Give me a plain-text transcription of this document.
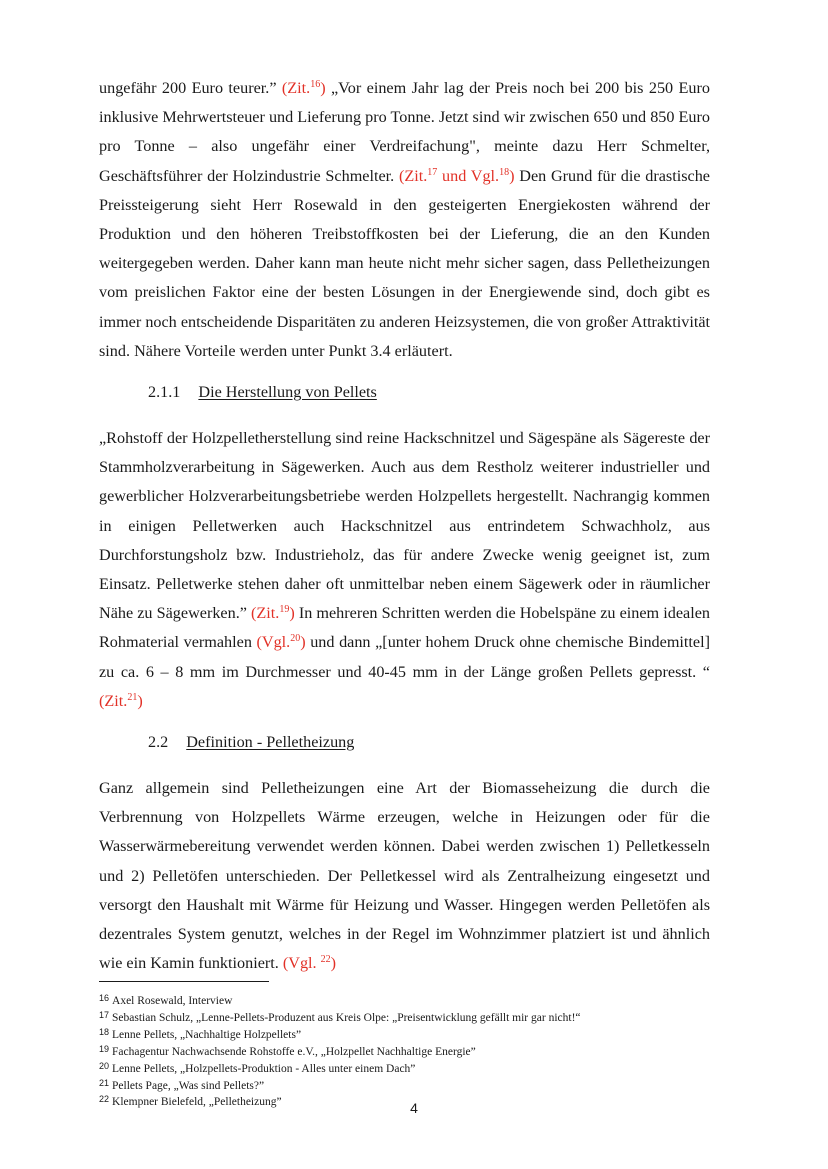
ungefähr 200 Euro teurer.” (Zit.$^{16}$) „Vor einem Jahr lag der Preis noch bei 200 bis 250 Euro inklusive Mehrwertsteuer und Lieferung pro Tonne. Jetzt sind wir zwischen 650 und 850 Euro pro Tonne – also ungefähr einer Verdreifachung", meinte dazu Herr Schmelter, Geschäftsführer der Holzindustrie Schmelter. (Zit.$^{17}$ und Vgl.$^{18}$) Den Grund für die drastische Preissteigerung sieht Herr Rosewald in den gesteigerten Energiekosten während der Produktion und den höheren Treibstoffkosten bei der Lieferung, die an den Kunden weitergegeben werden. Daher kann man heute nicht mehr sicher sagen, dass Pelletheizungen vom preislichen Faktor eine der besten Lösungen in der Energiewende sind, doch gibt es immer noch entscheidende Disparitäten zu anderen Heizsystemen, die von großer Attraktivität sind. Nähere Vorteile werden unter Punkt 3.4 erläutert.

2.1.1 Die Herstellung von Pellets

„Rohstoff der Holzpelletherstellung sind reine Hackschnitzel und Sägespäne als Sägereste der Stammholzverarbeitung in Sägewerken. Auch aus dem Restholz weiterer industrieller und gewerblicher Holzverarbeitungsbetriebe werden Holzpellets hergestellt. Nachrangig kommen in einigen Pelletwerken auch Hackschnitzel aus entrindetem Schwachholz, aus Durchforstungsholz bzw. Industrieholz, das für andere Zwecke wenig geeignet ist, zum Einsatz. Pelletwerke stehen daher oft unmittelbar neben einem Sägewerk oder in räumlicher Nähe zu Sägewerken.” (Zit.$^{19}$) In mehreren Schritten werden die Hobelspäne zu einem idealen Rohmaterial vermahlen (Vgl.$^{20}$) und dann „[unter hohem Druck ohne chemische Bindemittel] zu ca. 6 – 8 mm im Durchmesser und 40-45 mm in der Länge großen Pellets gepresst. “ (Zit.$^{21}$)

2.2 Definition - Pelletheizung

Ganz allgemein sind Pelletheizungen eine Art der Biomasseheizung die durch die Verbrennung von Holzpellets Wärme erzeugen, welche in Heizungen oder für die Wasserwärmebereitung verwendet werden können. Dabei werden zwischen 1) Pelletkesseln und 2) Pelletöfen unterschieden. Der Pelletkessel wird als Zentralheizung eingesetzt und versorgt den Haushalt mit Wärme für Heizung und Wasser. Hingegen werden Pelletöfen als dezentrales System genutzt, welches in der Regel im Wohnzimmer platziert ist und ähnlich wie ein Kamin funktioniert. (Vgl. $^{22}$)

$^{16}$ Axel Rosewald, Interview
$^{17}$ Sebastian Schulz, „Lenne-Pellets-Produzent aus Kreis Olpe: „Preisentwicklung gefällt mir gar nicht!“
$^{18}$ Lenne Pellets, „Nachhaltige Holzpellets”
$^{19}$ Fachagentur Nachwachsende Rohstoffe e.V., „Holzpellet Nachhaltige Energie”
$^{20}$ Lenne Pellets, „Holzpellets-Produktion - Alles unter einem Dach”
$^{21}$ Pellets Page, „Was sind Pellets?”
$^{22}$ Klempner Bielefeld, „Pelletheizung”	4
